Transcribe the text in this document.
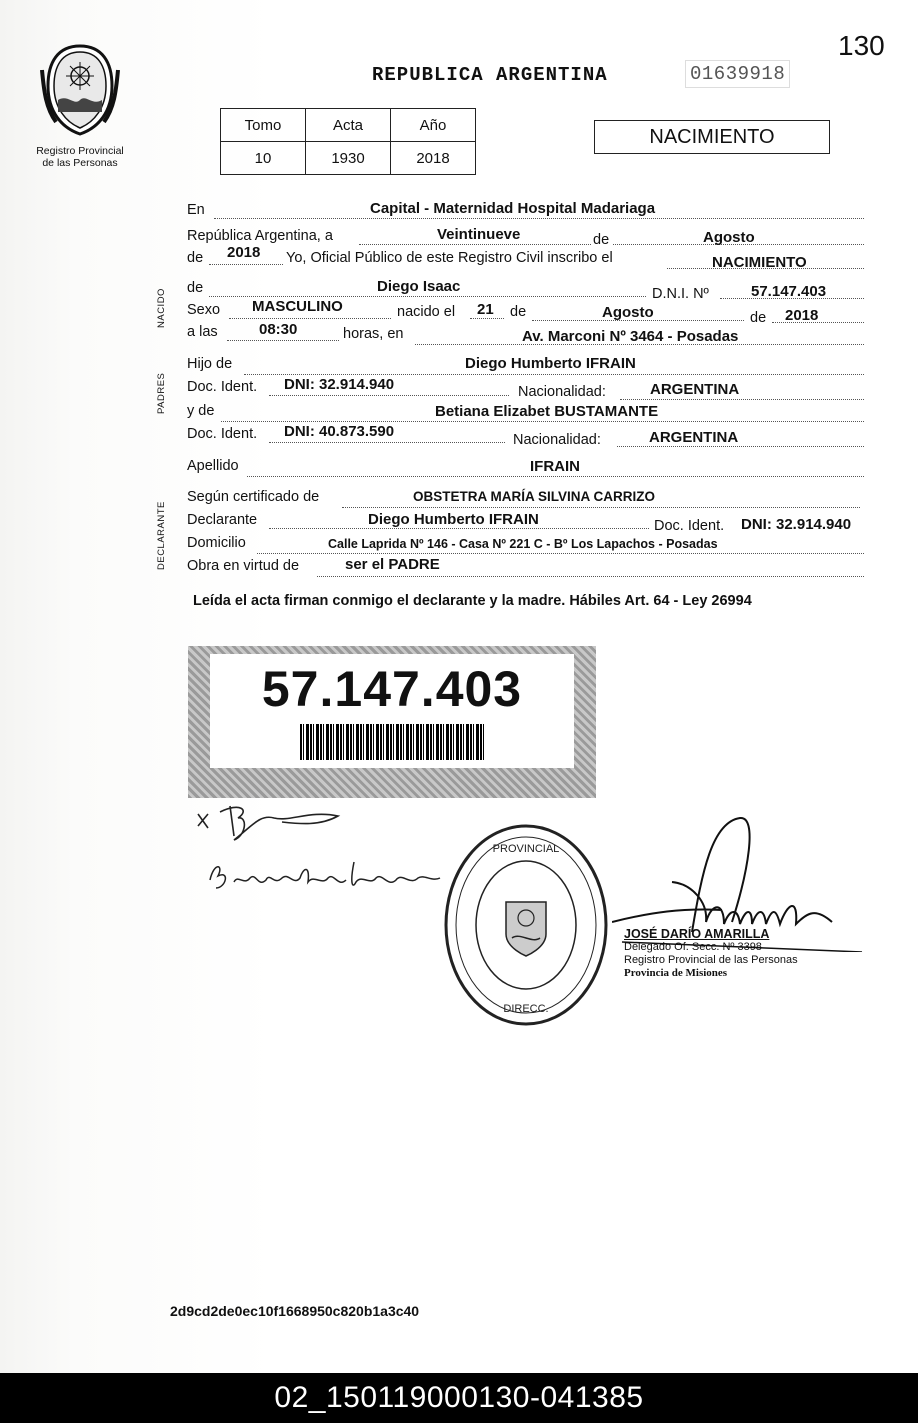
130
Registro Provincial de las Personas
REPUBLICA ARGENTINA	01639918
Tomo	Acta	Año
10	1930	2018
NACIMIENTO
NACIDO
PADRES
DECLARANTE
En	Capital - Maternidad Hospital Madariaga
República Argentina, a	Veintinueve	de	Agosto
de 2018 Yo, Oficial Público de este Registro Civil inscribo el	NACIMIENTO
de	Diego Isaac	D.N.I. Nº	57.147.403
Sexo MASCULINO	nacido el 21 de	Agosto	de 2018
a las	08:30	horas, en	Av. Marconi Nº 3464 - Posadas
Hijo de	Diego Humberto IFRAIN
Doc. Ident. DNI: 32.914.940	Nacionalidad:	ARGENTINA
y de	Betiana Elizabet BUSTAMANTE
Doc. Ident. DNI: 40.873.590	Nacionalidad:	ARGENTINA
Apellido	IFRAIN
Según certificado de	OBSTETRA MARÍA SILVINA CARRIZO
Declarante	Diego Humberto IFRAIN	Doc. Ident. DNI: 32.914.940
Domicilio	Calle Laprida Nº 146 - Casa Nº 221 C - Bº Los Lapachos - Posadas
Obra en virtud de	ser el PADRE
Leída el acta firman conmigo el declarante y la madre. Hábiles Art. 64 - Ley 26994
57.147.403
PROVINCIAL
DIRECC.
JOSÉ DARÍO AMARILLA
Delegado Of. Secc. Nº 3398
Registro Provincial de las Personas
Provincia de Misiones
2d9cd2de0ec10f1668950c820b1a3c40
02_150119000130-041385
